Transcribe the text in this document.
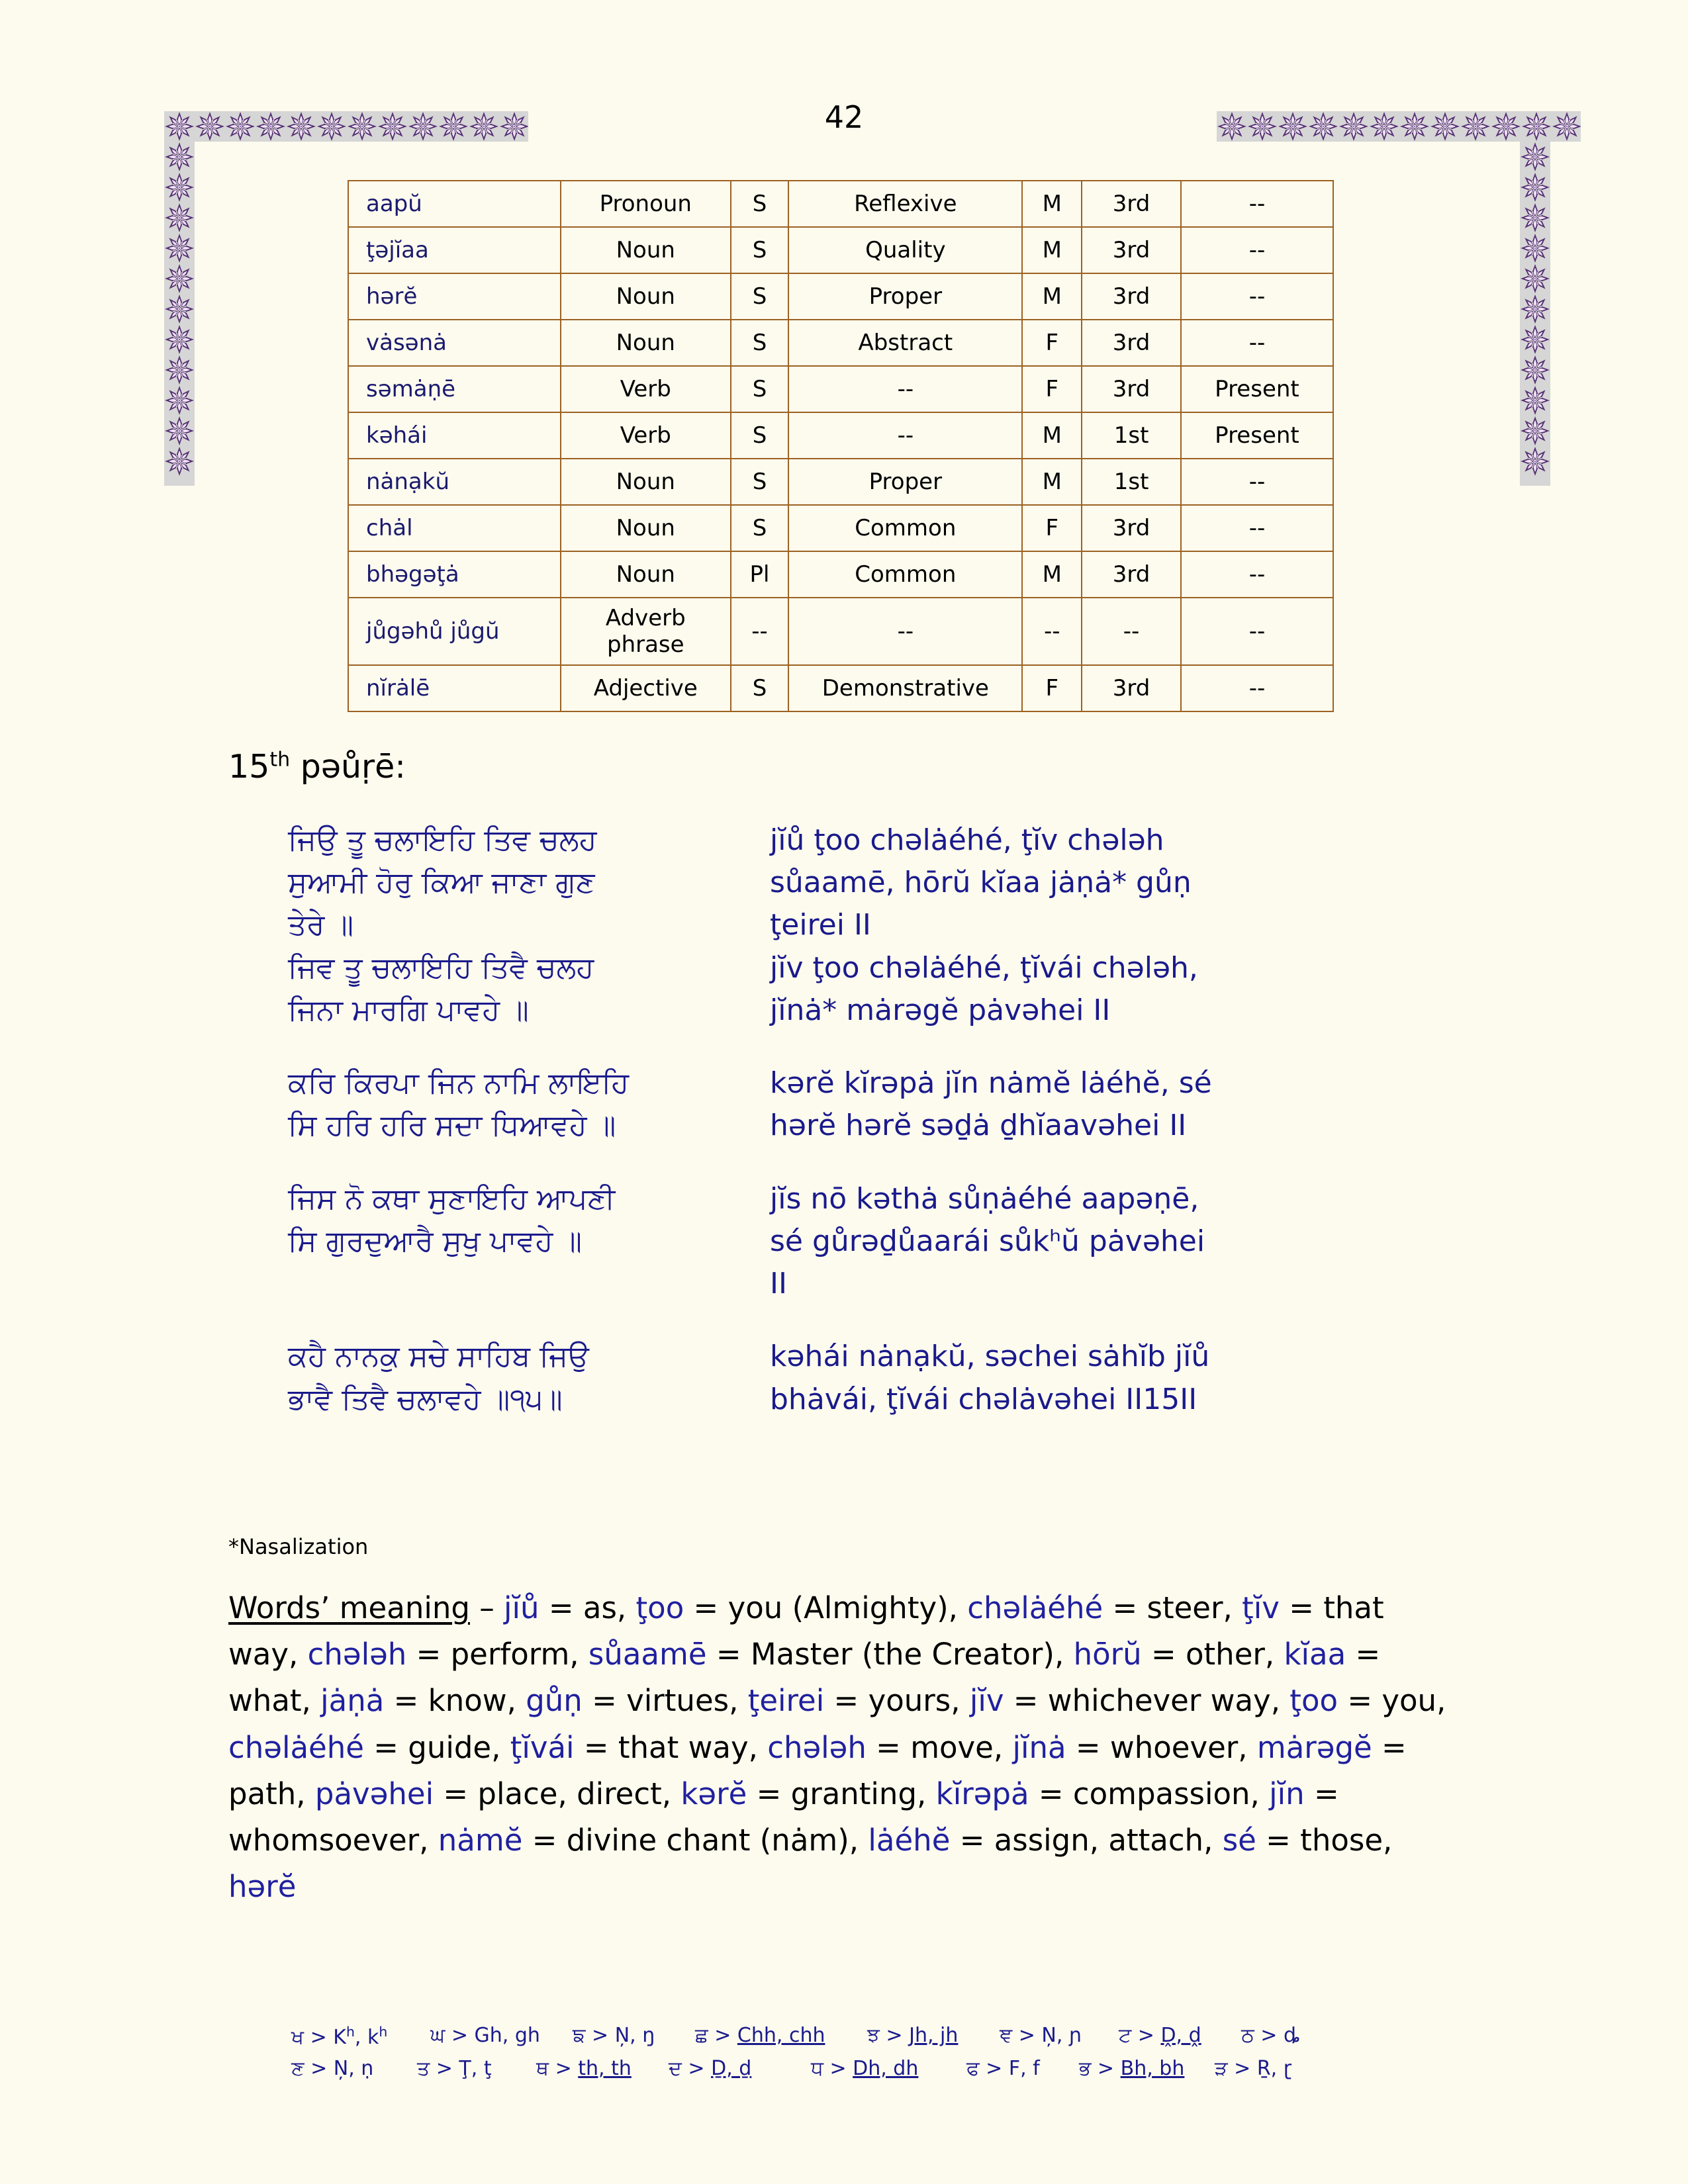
42
aapŭ	Pronoun	S	Reflexive	M	3rd	--
ţəjĭaa	Noun	S	Quality	M	3rd	--
hərĕ	Noun	S	Proper	M	3rd	--
vȧsənȧ	Noun	S	Abstract	F	3rd	--
səmȧṇē	Verb	S	--	F	3rd	Present
kəhái	Verb	S	--	M	1st	Present
nȧnạkŭ	Noun	S	Proper	M	1st	--
chȧl	Noun	S	Common	F	3rd	--
bhəgəţȧ	Noun	Pl	Common	M	3rd	--
jůgəhů jůgŭ	Adverb phrase	--	--	--	--	--
nĭrȧlē	Adjective	S	Demonstrative	F	3rd	--
15th pəůṛē:
ਜਿਉ ਤੂ ਚਲਾਇਹਿ ਤਿਵ ਚਲਹ
ਸੁਆਮੀ ਹੋਰੁ ਕਿਆ ਜਾਣਾ ਗੁਣ
ਤੇਰੇ ॥
ਜਿਵ ਤੂ ਚਲਾਇਹਿ ਤਿਵੈ ਚਲਹ
ਜਿਨਾ ਮਾਰਗਿ ਪਾਵਹੇ ॥
jĭů ţoo chəlȧéhé, ţĭv chələh
sůaamē, hōrŭ kĭaa jȧṇȧ* gůṇ
ţeirei II
jĭv ţoo chəlȧéhé, ţĭvái chələh,
jĭnȧ* mȧrəgĕ pȧvəhei II
ਕਰਿ ਕਿਰਪਾ ਜਿਨ ਨਾਮਿ ਲਾਇਹਿ
ਸਿ ਹਰਿ ਹਰਿ ਸਦਾ ਧਿਆਵਹੇ ॥
kərĕ kĭrəpȧ jĭn nȧmĕ lȧéhĕ, sé
hərĕ hərĕ səḏȧ ḏhĭaavəhei II
ਜਿਸ ਨੋ ਕਥਾ ਸੁਣਾਇਹਿ ਆਪਣੀ
ਸਿ ਗੁਰਦੁਆਰੈ ਸੁਖੁ ਪਾਵਹੇ ॥
jĭs nō kəthȧ sůṇȧéhé aapəṇē,
sé gůrəḏůaarái sůkʰŭ pȧvəhei
II
ਕਹੈ ਨਾਨਕੁ ਸਚੇ ਸਾਹਿਬ ਜਿਉ
ਭਾਵੈ ਤਿਵੈ ਚਲਾਵਹੇ ॥੧੫॥
kəhái nȧnạkŭ, səchei sȧhĭb jĭů
bhȧvái, ţĭvái chəlȧvəhei II15II
*Nasalization
Words’ meaning – jĭů = as, ţoo = you (Almighty), chəlȧéhé = steer, ţĭv = that way, chələh = perform, sůaamē = Master (the Creator), hōrŭ = other, kĭaa = what, jȧṇȧ = know, gůṇ = virtues, ţeirei = yours, jĭv = whichever way, ţoo = you, chəlȧéhé = guide, ţĭvái = that way, chələh = move, jĭnȧ = whoever, mȧrəgĕ = path, pȧvəhei = place, direct, kərĕ = granting, kĭrəpȧ = compassion, jĭn = whomsoever, nȧmĕ = divine chant (nȧm), lȧéhĕ = assign, attach, sé = those, hərĕ
ਖ > $K^h$, $k^h$	ਘ > Gh, gh	ਙ > N̦, ŋ	ਛ > Chh, chh	ਝ > Jh, jh	ਞ > N̦, ɲ	ਟ > Ḓ, ḓ	ਠ > ȡ
ਣ > N̦, ṇ	ਤ > Ţ, ţ	ਥ > th, th	ਦ > Ḏ, ḏ	ਧ > Dh, dh	ਫ > F, f	ਭ > Bh, bh	ੜ > Ṟ, ɽ
